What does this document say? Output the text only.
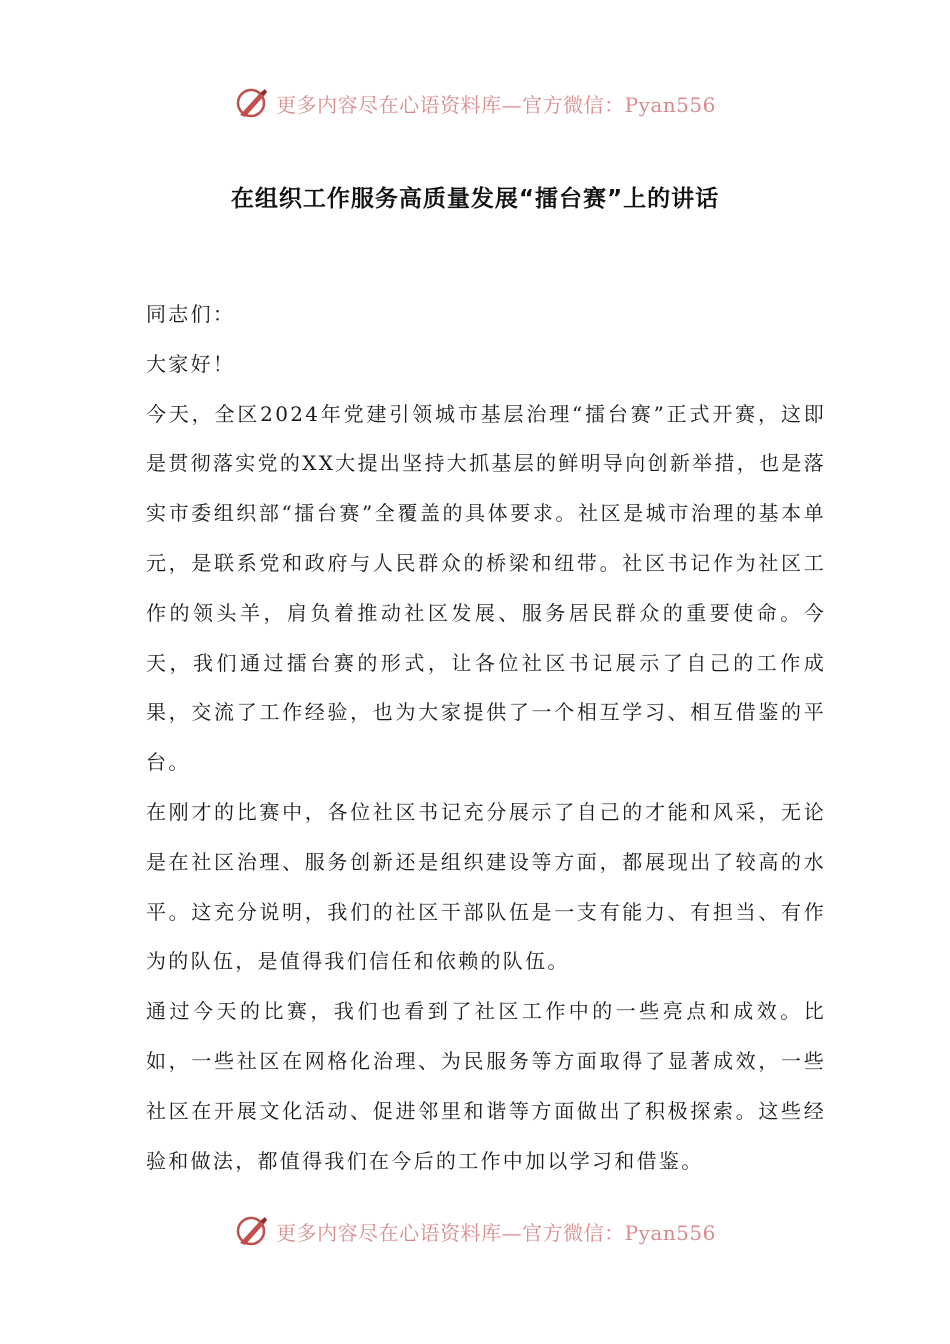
更多内容尽在心语资料库—官方微信：Pyan556
在组织工作服务高质量发展“擂台赛”上的讲话

同志们：

大家好！

今天，全区2024年党建引领城市基层治理“擂台赛”正式开赛，这即是贯彻落实党的XX大提出坚持大抓基层的鲜明导向创新举措，也是落实市委组织部“擂台赛”全覆盖的具体要求。社区是城市治理的基本单元，是联系党和政府与人民群众的桥梁和纽带。社区书记作为社区工作的领头羊，肩负着推动社区发展、服务居民群众的重要使命。今天，我们通过擂台赛的形式，让各位社区书记展示了自己的工作成果，交流了工作经验，也为大家提供了一个相互学习、相互借鉴的平台。

在刚才的比赛中，各位社区书记充分展示了自己的才能和风采，无论是在社区治理、服务创新还是组织建设等方面，都展现出了较高的水平。这充分说明，我们的社区干部队伍是一支有能力、有担当、有作为的队伍，是值得我们信任和依赖的队伍。

通过今天的比赛，我们也看到了社区工作中的一些亮点和成效。比如，一些社区在网格化治理、为民服务等方面取得了显著成效，一些社区在开展文化活动、促进邻里和谐等方面做出了积极探索。这些经验和做法，都值得我们在今后的工作中加以学习和借鉴。

更多内容尽在心语资料库—官方微信：Pyan556
